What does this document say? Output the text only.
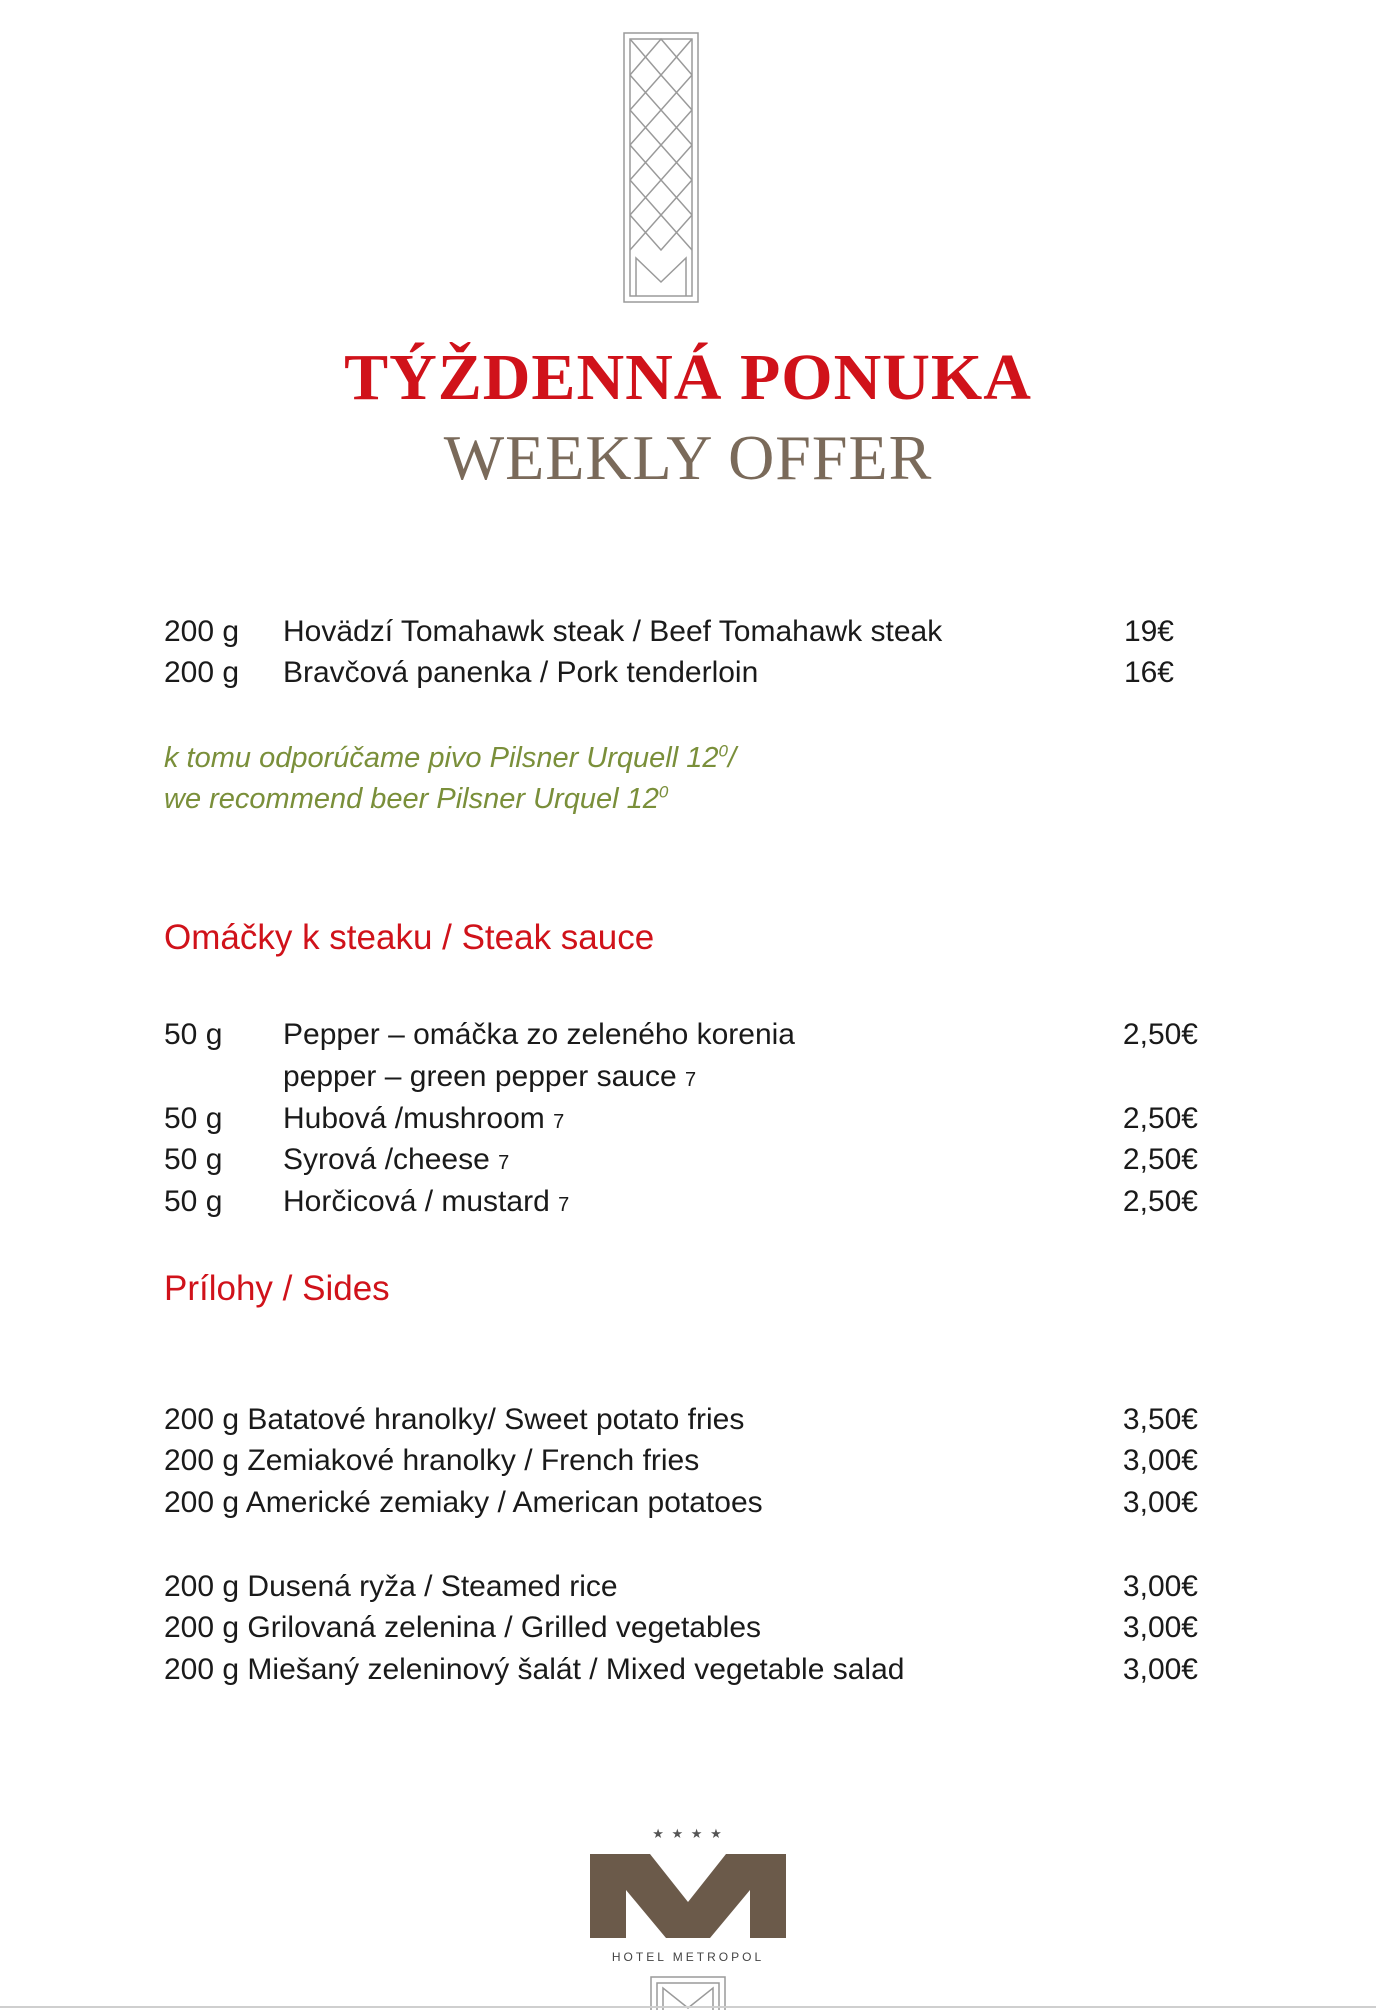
TÝŽDENNÁ PONUKA
WEEKLY OFFER
200 g Hovädzí Tomahawk steak / Beef Tomahawk steak	19€
200 g Bravčová panenka / Pork tenderloin	16€
k tomu odporúčame pivo Pilsner Urquell $12^0/$
we recommend beer Pilsner Urquel $12^0$
Omáčky k steaku / Steak sauce
50 g Pepper – omáčka zo zeleného korenia	2,50€
pepper – green pepper sauce 7
50 g Hubová /mushroom 7	2,50€
50 g Syrová /cheese 7	2,50€
50 g Horčicová / mustard 7	2,50€
Prílohy / Sides
200 g Batatové hranolky/ Sweet potato fries	3,50€
200 g Zemiakové hranolky / French fries	3,00€
200 g Americké zemiaky / American potatoes	3,00€
200 g Dusená ryža / Steamed rice	3,00€
200 g Grilovaná zelenina / Grilled vegetables	3,00€
200 g Miešaný zeleninový šalát / Mixed vegetable salad	3,00€
★ ★ ★ ★
HOTEL METROPOL
